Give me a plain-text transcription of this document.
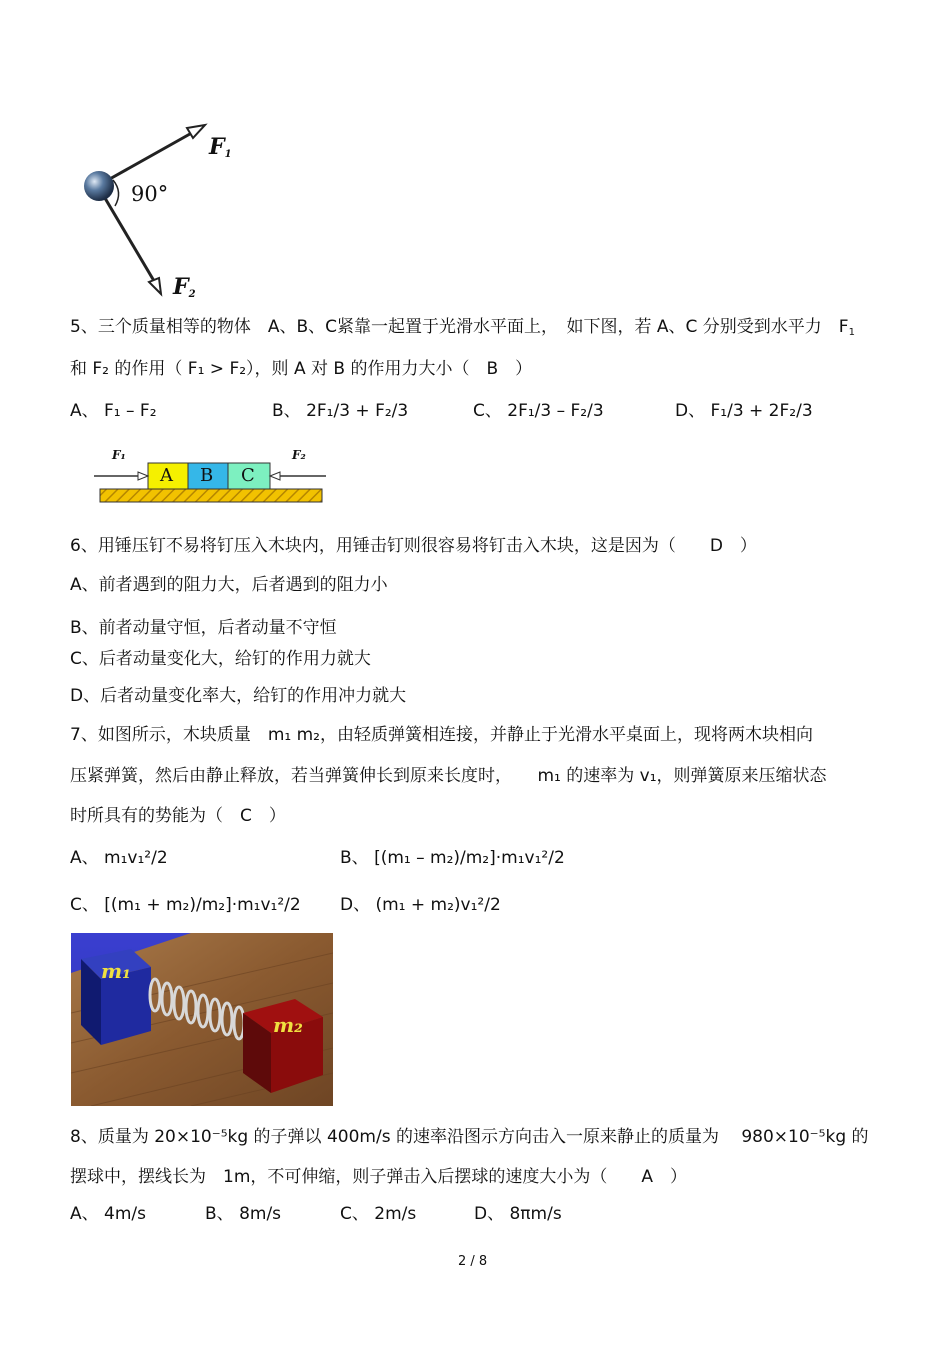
$F_1$
90°
$F_2$
5、三个质量相等的物体　A、B、C紧靠一起置于光滑水平面上，　如下图，若 A、C 分别受到水平力　$F_1$
和 F₂ 的作用（ F₁ > F₂），则 A 对 B 的作用力大小（　B　）
A、 F₁ – F₂	B、 2F₁/3 + F₂/3	C、 2F₁/3 – F₂/3	D、 F₁/3 + 2F₂/3
F₁	F₂
A B C
6、用锤压钉不易将钉压入木块内，用锤击钉则很容易将钉击入木块，这是因为（　　D　）
A、前者遇到的阻力大，后者遇到的阻力小
B、前者动量守恒，后者动量不守恒
C、后者动量变化大，给钉的作用力就大
D、后者动量变化率大，给钉的作用冲力就大
7、如图所示，木块质量　m₁ m₂，由轻质弹簧相连接，并静止于光滑水平桌面上，现将两木块相向
压紧弹簧，然后由静止释放，若当弹簧伸长到原来长度时，　　m₁ 的速率为 v₁，则弹簧原来压缩状态
时所具有的势能为（　C　）
A、 m₁v₁²/2	B、 [(m₁ – m₂)/m₂]·m₁v₁²/2
C、 [(m₁ + m₂)/m₂]·m₁v₁²/2 D、 (m₁ + m₂)v₁²/2
m₁
m₂
8、质量为 20×10⁻⁵kg 的子弹以 400m/s 的速率沿图示方向击入一原来静止的质量为　 980×10⁻⁵kg 的
摆球中，摆线长为　1m，不可伸缩，则子弹击入后摆球的速度大小为（　　A　）
A、 4m/s	B、 8m/s	C、 2m/s	D、 8πm/s
2 / 8
